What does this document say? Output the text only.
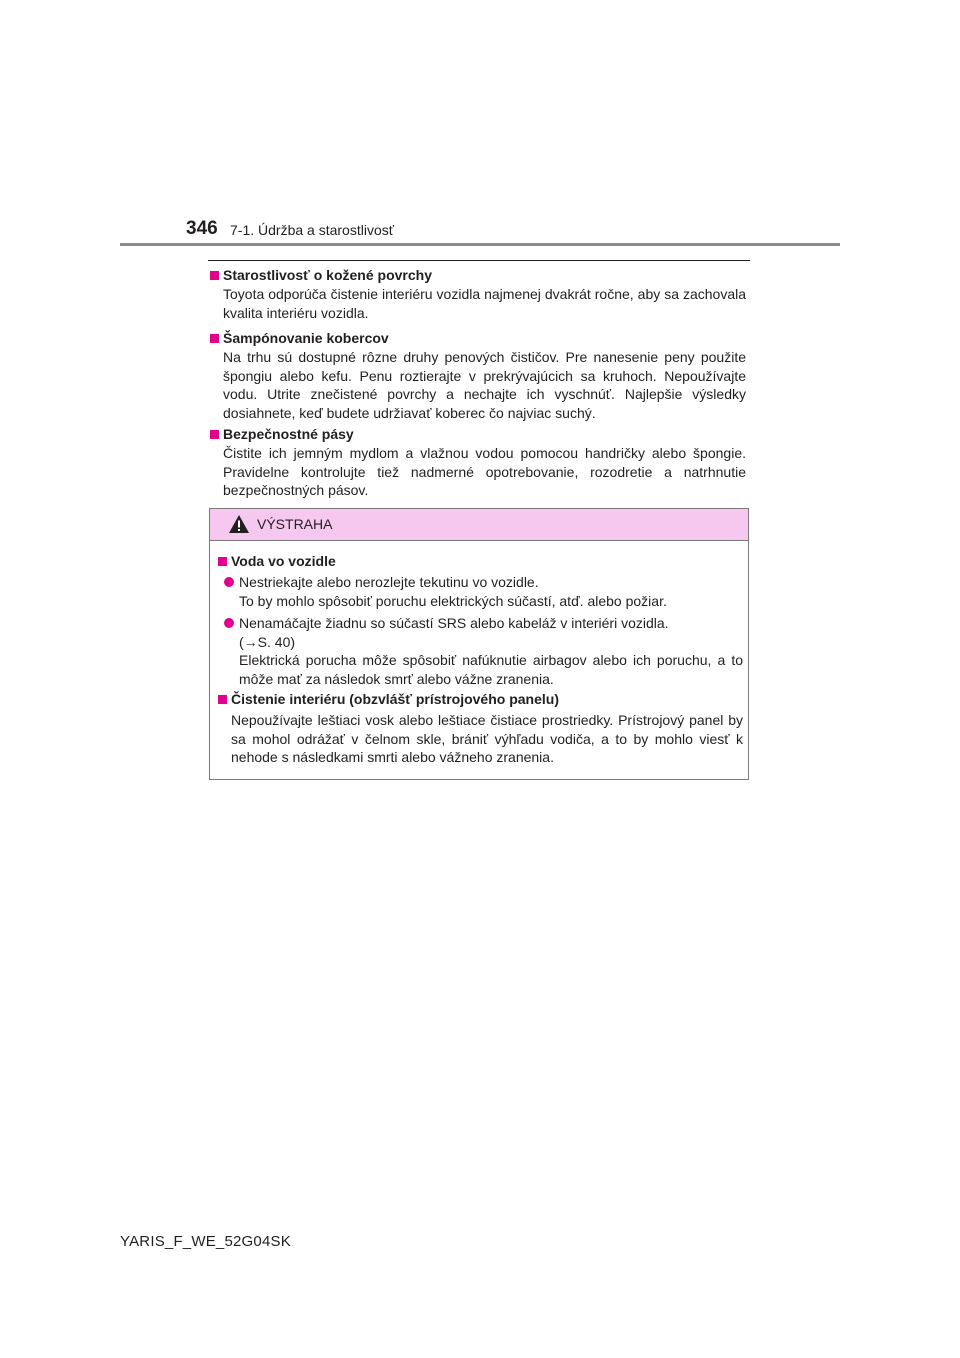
346 7-1. Údržba a starostlivosť
Starostlivosť o kožené povrchy
Toyota odporúča čistenie interiéru vozidla najmenej dvakrát ročne, aby sa zachovala kvalita interiéru vozidla.
Šampónovanie kobercov
Na trhu sú dostupné rôzne druhy penových čističov. Pre nanesenie peny použite špongiu alebo kefu. Penu roztierajte v prekrývajúcich sa kruhoch. Nepoužívajte vodu. Utrite znečistené povrchy a nechajte ich vyschnúť. Najlepšie výsledky dosiahnete, keď budete udržiavať koberec čo najviac suchý.
Bezpečnostné pásy
Čistite ich jemným mydlom a vlažnou vodou pomocou handričky alebo špongie. Pravidelne kontrolujte tiež nadmerné opotrebovanie, rozodretie a natrhnutie bezpečnostných pásov.
VÝSTRAHA
Voda vo vozidle
Nestriekajte alebo nerozlejte tekutinu vo vozidle.
To by mohlo spôsobiť poruchu elektrických súčastí, atď. alebo požiar.
Nenamáčajte žiadnu so súčastí SRS alebo kabeláž v interiéri vozidla.
(→S. 40)
Elektrická porucha môže spôsobiť nafúknutie airbagov alebo ich poruchu, a to môže mať za následok smrť alebo vážne zranenia.
Čistenie interiéru (obzvlášť prístrojového panelu)
Nepoužívajte leštiaci vosk alebo leštiace čistiace prostriedky. Prístrojový panel by sa mohol odrážať v čelnom skle, brániť výhľadu vodiča, a to by mohlo viesť k nehode s následkami smrti alebo vážneho zranenia.
YARIS_F_WE_52G04SK
